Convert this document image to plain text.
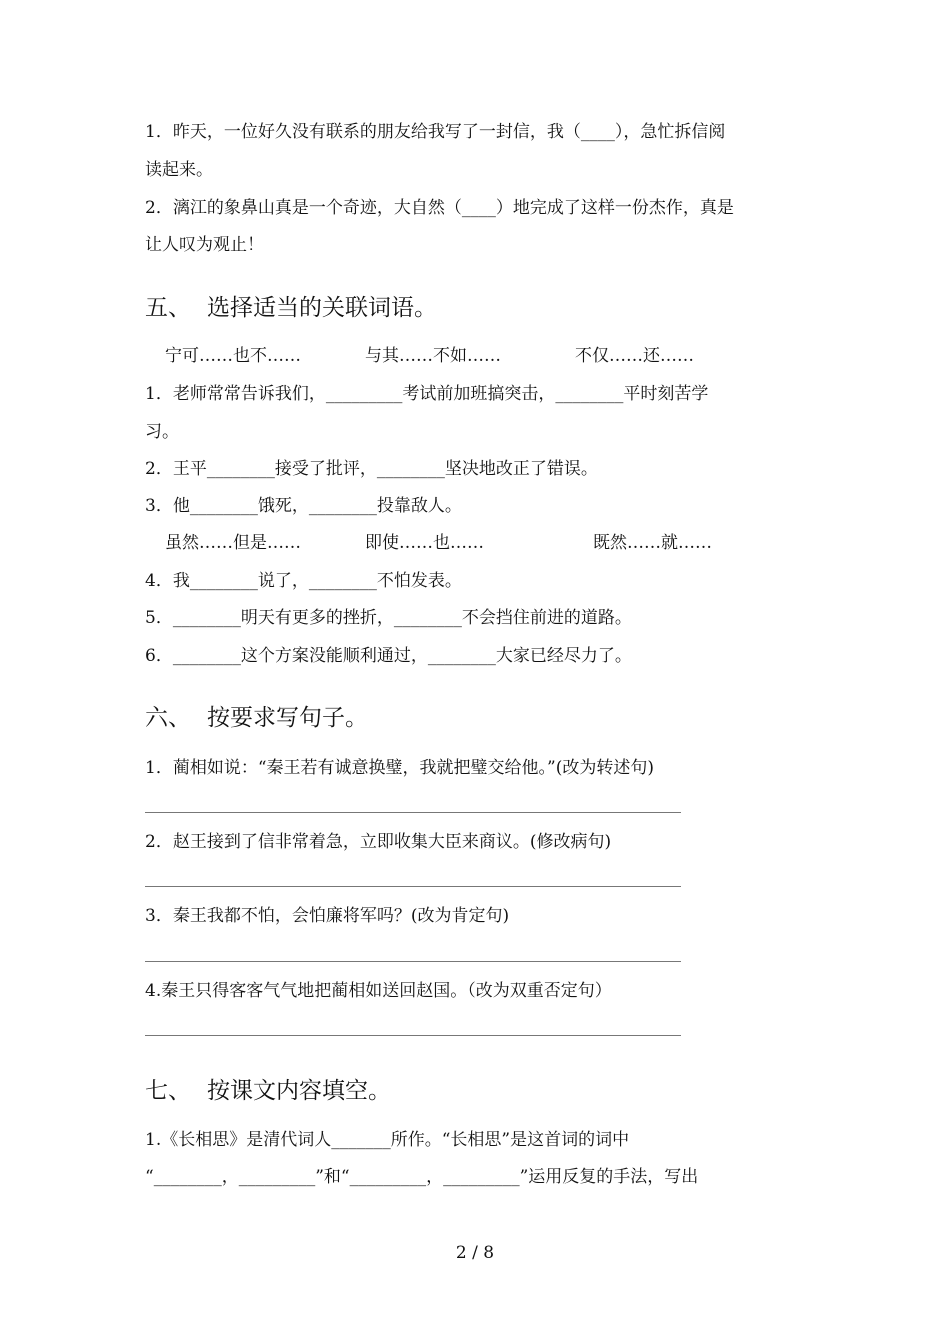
1．昨天，一位好久没有联系的朋友给我写了一封信，我（____），急忙拆信阅
读起来。
2．漓江的象鼻山真是一个奇迹，大自然（____）地完成了这样一份杰作，真是
让人叹为观止！
五、 选择适当的关联词语。
宁可……也不……	与其……不如……	不仅……还……
1．老师常常告诉我们，_________考试前加班搞突击，________平时刻苦学
习。
2．王平________接受了批评，________坚决地改正了错误。
3．他________饿死，________投靠敌人。
虽然……但是……	即使……也……	既然……就……
4．我________说了，________不怕发表。
5．________明天有更多的挫折，________不会挡住前进的道路。
6．________这个方案没能顺利通过，________大家已经尽力了。
六、 按要求写句子。
1．蔺相如说：“秦王若有诚意换璧，我就把璧交给他。”(改为转述句)
2．赵王接到了信非常着急，立即收集大臣来商议。(修改病句)
3．秦王我都不怕，会怕廉将军吗？(改为肯定句)
4.秦王只得客客气气地把蔺相如送回赵国。（改为双重否定句）
七、 按课文内容填空。
1.《长相思》是清代词人_______所作。“长相思”是这首词的词中
“________，_________”和“_________，_________”运用反复的手法，写出
2 / 8
